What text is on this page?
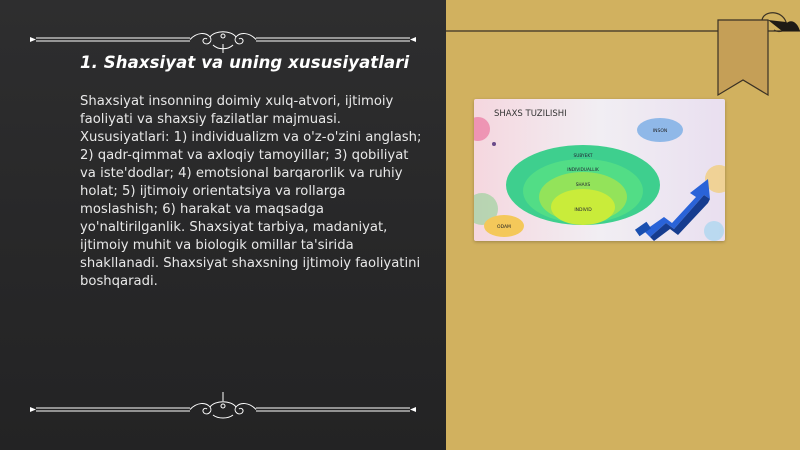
1. Shaxsiyat va uning xususiyatlari

Shaxsiyat insonning doimiy xulq-atvori, ijtimoiy faoliyati va shaxsiy fazilatlar majmuasi. Xususiyatlari: 1) individualizm va o'z-o'zini anglash; 2) qadr-qimmat va axloqiy tamoyillar; 3) qobiliyat va iste'dodlar; 4) emotsional barqarorlik va ruhiy holat; 5) ijtimoiy orientatsiya va rollarga moslashish; 6) harakat va maqsadga yo'naltirilganlik. Shaxsiyat tarbiya, madaniyat, ijtimoiy muhit va biologik omillar ta'sirida shakllanadi. Shaxsiyat shaxsning ijtimoiy faoliyatini boshqaradi.

SHAXS TUZILISHI
INSON
SUBYEKT
INDIVIDUALLIK
SHAXS
INDIVID
ODAM
